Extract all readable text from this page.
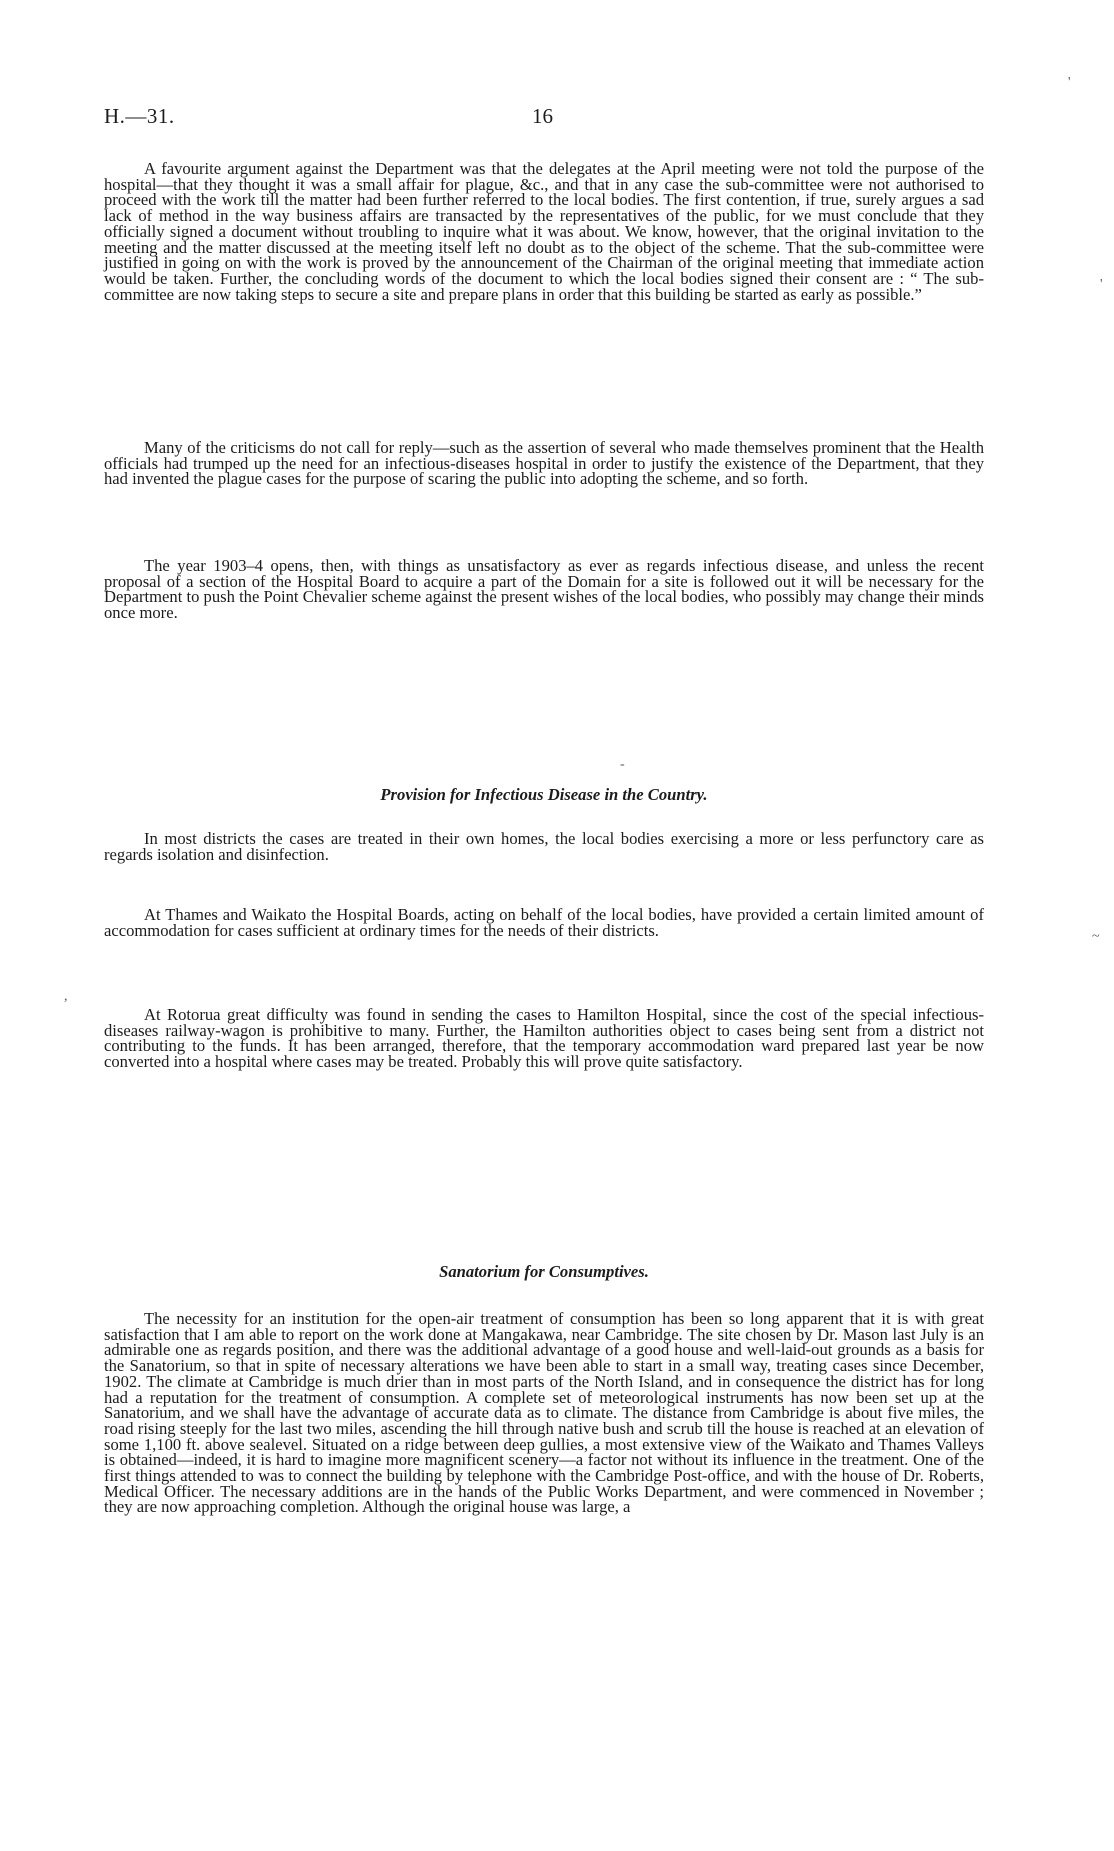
H.—31.	16

A favourite argument against the Department was that the delegates at the April meeting were not told the purpose of the hospital—that they thought it was a small affair for plague, &c., and that in any case the sub-committee were not authorised to proceed with the work till the matter had been further referred to the local bodies. The first contention, if true, surely argues a sad lack of method in the way business affairs are transacted by the representatives of the public, for we must conclude that they officially signed a document without troubling to inquire what it was about. We know, however, that the original invitation to the meeting and the matter discussed at the meeting itself left no doubt as to the object of the scheme. That the sub-committee were justified in going on with the work is proved by the announcement of the Chairman of the original meeting that immediate action would be taken. Further, the concluding words of the document to which the local bodies signed their consent are : “ The sub-committee are now taking steps to secure a site and prepare plans in order that this building be started as early as possible.”

Many of the criticisms do not call for reply—such as the assertion of several who made themselves prominent that the Health officials had trumped up the need for an infectious-diseases hospital in order to justify the existence of the Department, that they had invented the plague cases for the purpose of scaring the public into adopting the scheme, and so forth.

The year 1903–4 opens, then, with things as unsatisfactory as ever as regards infectious disease, and unless the recent proposal of a section of the Hospital Board to acquire a part of the Domain for a site is followed out it will be necessary for the Department to push the Point Chevalier scheme against the present wishes of the local bodies, who possibly may change their minds once more.

-
Provision for Infectious Disease in the Country.

In most districts the cases are treated in their own homes, the local bodies exercising a more or less perfunctory care as regards isolation and disinfection.

At Thames and Waikato the Hospital Boards, acting on behalf of the local bodies, have provided a certain limited amount of accommodation for cases sufficient at ordinary times for the needs of their districts.

At Rotorua great difficulty was found in sending the cases to Hamilton Hospital, since the cost of the special infectious-diseases railway-wagon is prohibitive to many. Further, the Hamilton authorities object to cases being sent from a district not contributing to the funds. It has been arranged, therefore, that the temporary accommodation ward prepared last year be now converted into a hospital where cases may be treated. Probably this will prove quite satisfactory.

Sanatorium for Consumptives.

The necessity for an institution for the open-air treatment of consumption has been so long apparent that it is with great satisfaction that I am able to report on the work done at Mangakawa, near Cambridge. The site chosen by Dr. Mason last July is an admirable one as regards position, and there was the additional advantage of a good house and well-laid-out grounds as a basis for the Sanatorium, so that in spite of necessary alterations we have been able to start in a small way, treating cases since December, 1902. The climate at Cambridge is much drier than in most parts of the North Island, and in consequence the district has for long had a reputation for the treatment of consumption. A complete set of meteorological instruments has now been set up at the Sanatorium, and we shall have the advantage of accurate data as to climate. The distance from Cambridge is about five miles, the road rising steeply for the last two miles, ascending the hill through native bush and scrub till the house is reached at an elevation of some 1,100 ft. above sealevel. Situated on a ridge between deep gullies, a most extensive view of the Waikato and Thames Valleys is obtained—indeed, it is hard to imagine more magnificent scenery—a factor not without its influence in the treatment. One of the first things attended to was to connect the building by telephone with the Cambridge Post-office, and with the house of Dr. Roberts, Medical Officer. The necessary additions are in the hands of the Public Works Department, and were commenced in November ; they are now approaching completion. Although the original house was large, a

'
'
~
,
